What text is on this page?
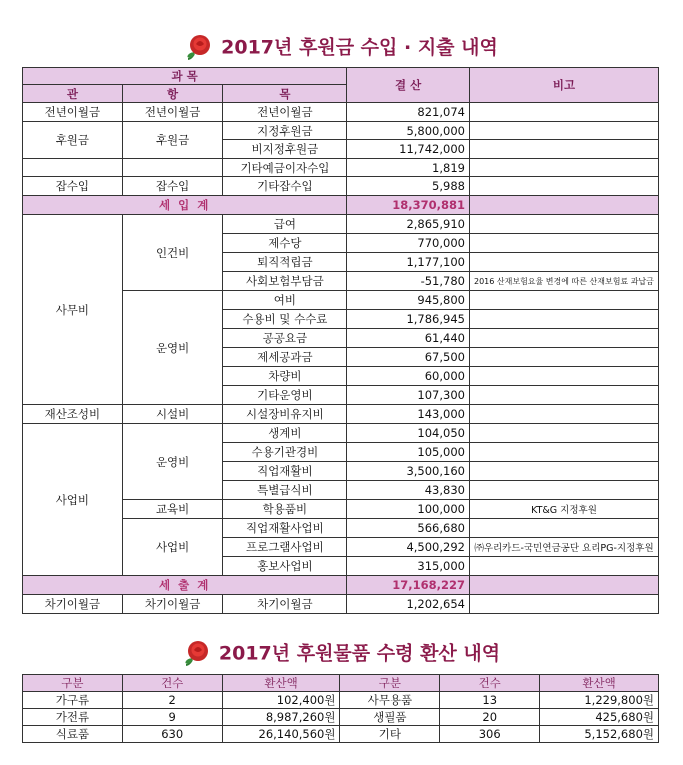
2017년 후원금 수입 · 지출 내역
과 목			결 산	비고
관	항	목		
전년이월금	전년이월금	전년이월금	821,074	
후원금	후원금	지정후원금	5,800,000	
		비지정후원금	11,742,000	
		기타예금이자수입	1,819	
잡수입	잡수입	기타잡수입	5,988	
세 입 계			18,370,881	
사무비	인건비	급여	2,865,910	
		제수당	770,000	
		퇴직적립금	1,177,100	
		사회보험부담금	-51,780	2016 산재보험요율 변경에 따른 산재보험료 과납금
	운영비	여비	945,800	
		수용비 및 수수료	1,786,945	
		공공요금	61,440	
		제세공과금	67,500	
		차량비	60,000	
		기타운영비	107,300	
재산조성비	시설비	시설장비유지비	143,000	
사업비	운영비	생계비	104,050	
		수용기관경비	105,000	
		직업재활비	3,500,160	
		특별급식비	43,830	
	교육비	학용품비	100,000	KT&G 지정후원
	사업비	직업재활사업비	566,680	
		프로그램사업비	4,500,292	㈜우리카드-국민연금공단 요리PG-지정후원
		홍보사업비	315,000	
세 출 계			17,168,227	
차기이월금	차기이월금	차기이월금	1,202,654	
2017년 후원물품 수령 환산 내역
구분	건수	환산액	구분	건수	환산액
가구류	2	102,400원	사무용품	13	1,229,800원
가전류	9	8,987,260원	생필품	20	425,680원
식료품	630	26,140,560원	기타	306	5,152,680원
